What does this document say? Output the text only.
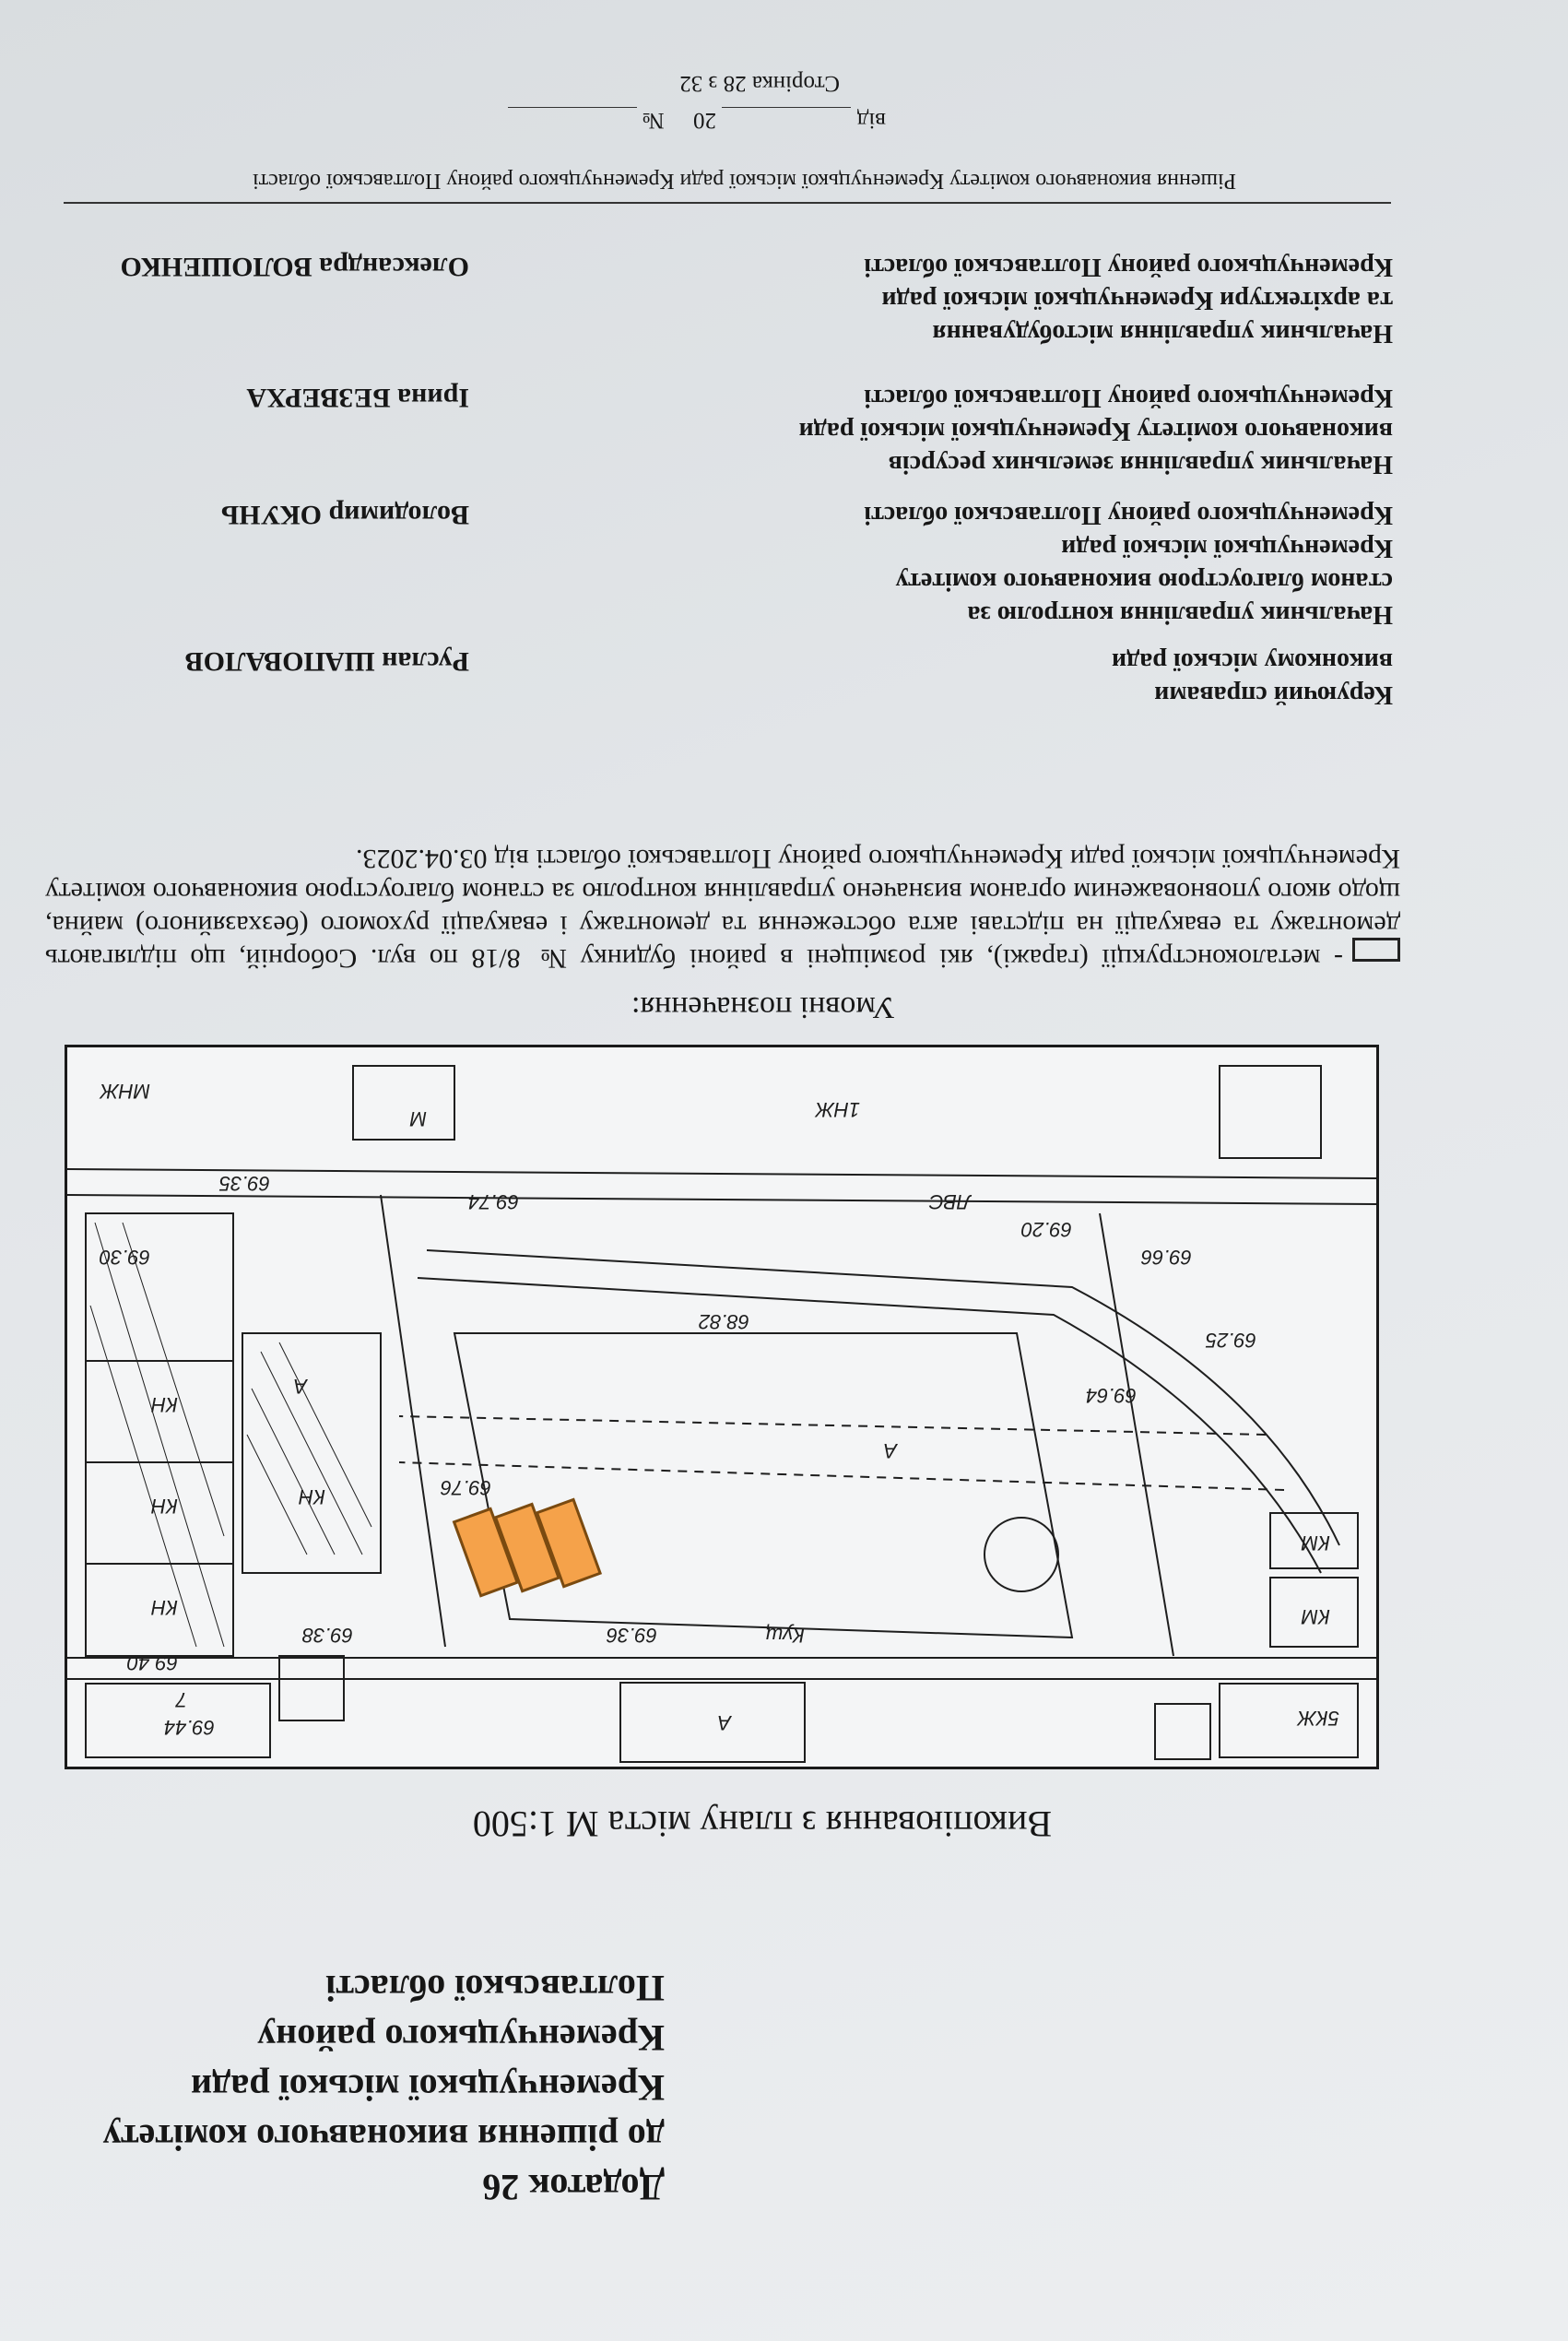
Додаток 26
до рішення виконавчого комітету
Кременчуцької міської ради
Кременчуцького району
Полтавської області
Викопіювання з плану міста М 1:500
КН
КН
КН
КН
5КЖ
КМ
КМ
А
А
А
М
Кущ
1НЖ
7
МНЖ
ЛВС
69.38	69.36
69.76
69.40
69.44
69.66
69.20
69.30
69.25
69.35
68.82
69.64
69.74
Умовні позначення:
- металоконструкції (гаражі), які розміщені в районі будинку № 8/18 по вул. Соборній, що підлягають демонтажу та евакуації на підставі акта обстеження та демонтажу і евакуації рухомого (безхазяйного) майна, щодо якого уповноваженим органом визначено управління контролю за станом благоустрою виконавчого комітету Кременчуцької міської ради Кременчуцького району Полтавської області від 03.04.2023.
Керуючий справами
виконкому міської ради
Руслан ШАПОВАЛОВ
Начальник управління контролю за
станом благоустрою виконавчого комітету
Кременчуцької міської ради
Кременчуцького району Полтавської області
Володимир ОКУНЬ
Начальник управління земельних ресурсів
виконавчого комітету Кременчуцької міської ради
Кременчуцького району Полтавської області
Ірина БЕЗВЕРХА
Начальник управління містобудування
та архітектури Кременчуцької міської ради
Кременчуцького району Полтавської області
Олександра ВОЛОШЕНКО
Рішення виконавчого комітету Кременчуцької міської ради Кременчуцького району Полтавської області
від  20     №
Сторінка 28 з 32
